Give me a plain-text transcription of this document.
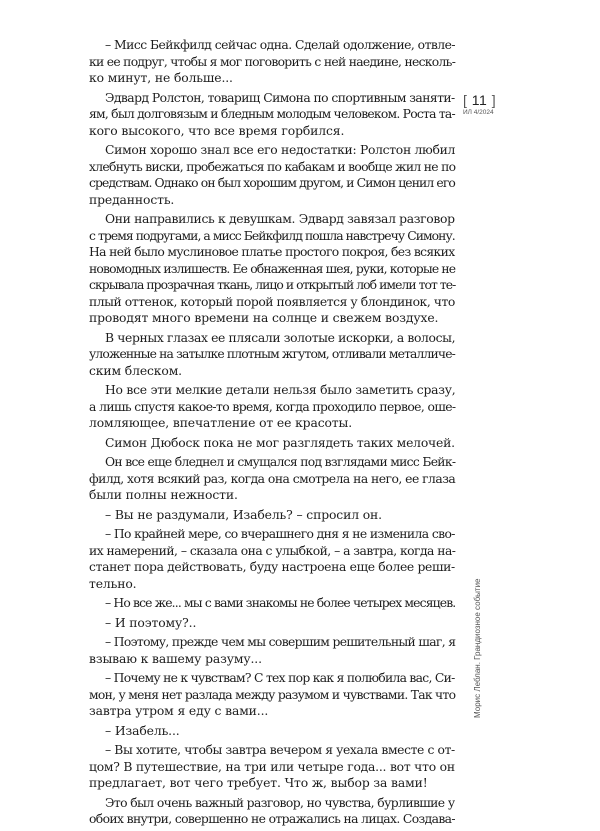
– Мисс Бейкфилд сейчас одна. Сделай одолжение, отвле-
ки ее подруг, чтобы я мог поговорить с ней наедине, несколь-
ко минут, не больше...
Эдвард Ролстон, товарищ Симона по спортивным заняти-
ям, был долговязым и бледным молодым человеком. Роста та-
кого высокого, что все время горбился.
Симон хорошо знал все его недостатки: Ролстон любил
хлебнуть виски, пробежаться по кабакам и вообще жил не по
средствам. Однако он был хорошим другом, и Симон ценил его
преданность.
Они направились к девушкам. Эдвард завязал разговор
с тремя подругами, а мисс Бейкфилд пошла навстречу Симону.
На ней было муслиновое платье простого покроя, без всяких
новомодных излишеств. Ее обнаженная шея, руки, которые не
скрывала прозрачная ткань, лицо и открытый лоб имели тот те-
плый оттенок, который порой появляется у блондинок, что
проводят много времени на солнце и свежем воздухе.
В черных глазах ее плясали золотые искорки, а волосы,
уложенные на затылке плотным жгутом, отливали металличе-
ским блеском.
Но все эти мелкие детали нельзя было заметить сразу,
а лишь спустя какое-то время, когда проходило первое, оше-
ломляющее, впечатление от ее красоты.
Симон Дюбоск пока не мог разглядеть таких мелочей.
Он все еще бледнел и смущался под взглядами мисс Бейк-
филд, хотя всякий раз, когда она смотрела на него, ее глаза
были полны нежности.
– Вы не раздумали, Изабель? – спросил он.
– По крайней мере, со вчерашнего дня я не изменила сво-
их намерений, – сказала она с улыбкой, – а завтра, когда на-
станет пора действовать, буду настроена еще более реши-
тельно.
– Но все же... мы с вами знакомы не более четырех месяцев.
– И поэтому?..
– Поэтому, прежде чем мы совершим решительный шаг, я
взываю к вашему разуму...
– Почему не к чувствам? С тех пор как я полюбила вас, Си-
мон, у меня нет разлада между разумом и чувствами. Так что
завтра утром я еду с вами...
– Изабель...
– Вы хотите, чтобы завтра вечером я уехала вместе с от-
цом? В путешествие, на три или четыре года... вот что он
предлагает, вот чего требует. Что ж, выбор за вами!
Это был очень важный разговор, но чувства, бурлившие у
обоих внутри, совершенно не отражались на лицах. Создава-
[ 11 ]
ИЛ 4/2024
Морис Леблан. Грандиозное событие
